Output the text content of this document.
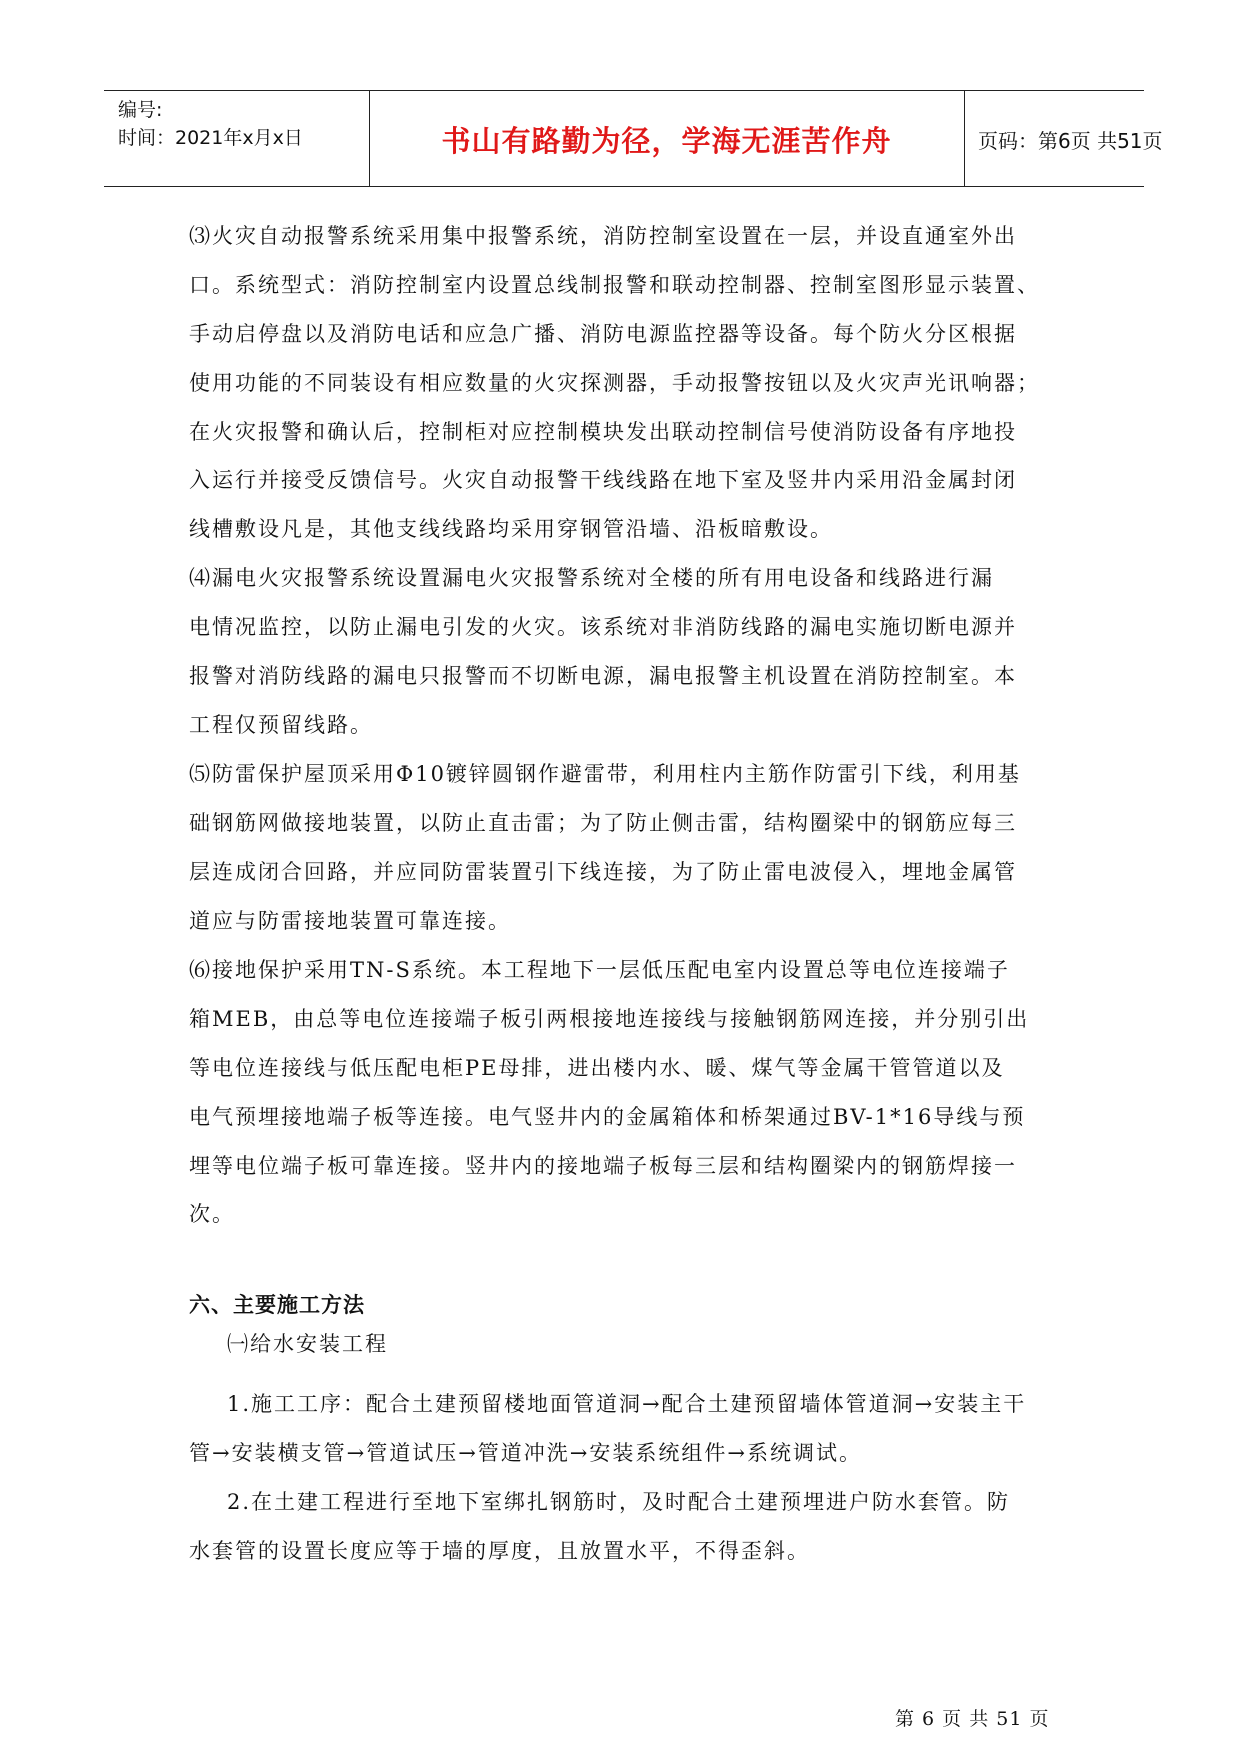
编号:
时间：2021年x月x日	书山有路勤为径，学海无涯苦作舟	页码：第6页 共51页
⑶火灾自动报警系统采用集中报警系统，消防控制室设置在一层，并设直通室外出
口。系统型式：消防控制室内设置总线制报警和联动控制器、控制室图形显示装置、
手动启停盘以及消防电话和应急广播、消防电源监控器等设备。每个防火分区根据
使用功能的不同装设有相应数量的火灾探测器，手动报警按钮以及火灾声光讯响器；
在火灾报警和确认后，控制柜对应控制模块发出联动控制信号使消防设备有序地投
入运行并接受反馈信号。火灾自动报警干线线路在地下室及竖井内采用沿金属封闭
线槽敷设凡是，其他支线线路均采用穿钢管沿墙、沿板暗敷设。
⑷漏电火灾报警系统设置漏电火灾报警系统对全楼的所有用电设备和线路进行漏
电情况监控，以防止漏电引发的火灾。该系统对非消防线路的漏电实施切断电源并
报警对消防线路的漏电只报警而不切断电源，漏电报警主机设置在消防控制室。本
工程仅预留线路。
⑸防雷保护屋顶采用Φ10镀锌圆钢作避雷带，利用柱内主筋作防雷引下线，利用基
础钢筋网做接地装置，以防止直击雷；为了防止侧击雷，结构圈梁中的钢筋应每三
层连成闭合回路，并应同防雷装置引下线连接，为了防止雷电波侵入，埋地金属管
道应与防雷接地装置可靠连接。
⑹接地保护采用TN-S系统。本工程地下一层低压配电室内设置总等电位连接端子
箱MEB，由总等电位连接端子板引两根接地连接线与接触钢筋网连接，并分别引出
等电位连接线与低压配电柜PE母排，进出楼内水、暖、煤气等金属干管管道以及
电气预埋接地端子板等连接。电气竖井内的金属箱体和桥架通过BV-1*16导线与预
埋等电位端子板可靠连接。竖井内的接地端子板每三层和结构圈梁内的钢筋焊接一
次。
六、主要施工方法
㈠给水安装工程
1.施工工序：配合土建预留楼地面管道洞→配合土建预留墙体管道洞→安装主干
管→安装横支管→管道试压→管道冲洗→安装系统组件→系统调试。
2.在土建工程进行至地下室绑扎钢筋时，及时配合土建预埋进户防水套管。防
水套管的设置长度应等于墙的厚度，且放置水平，不得歪斜。
第 6 页 共 51 页
